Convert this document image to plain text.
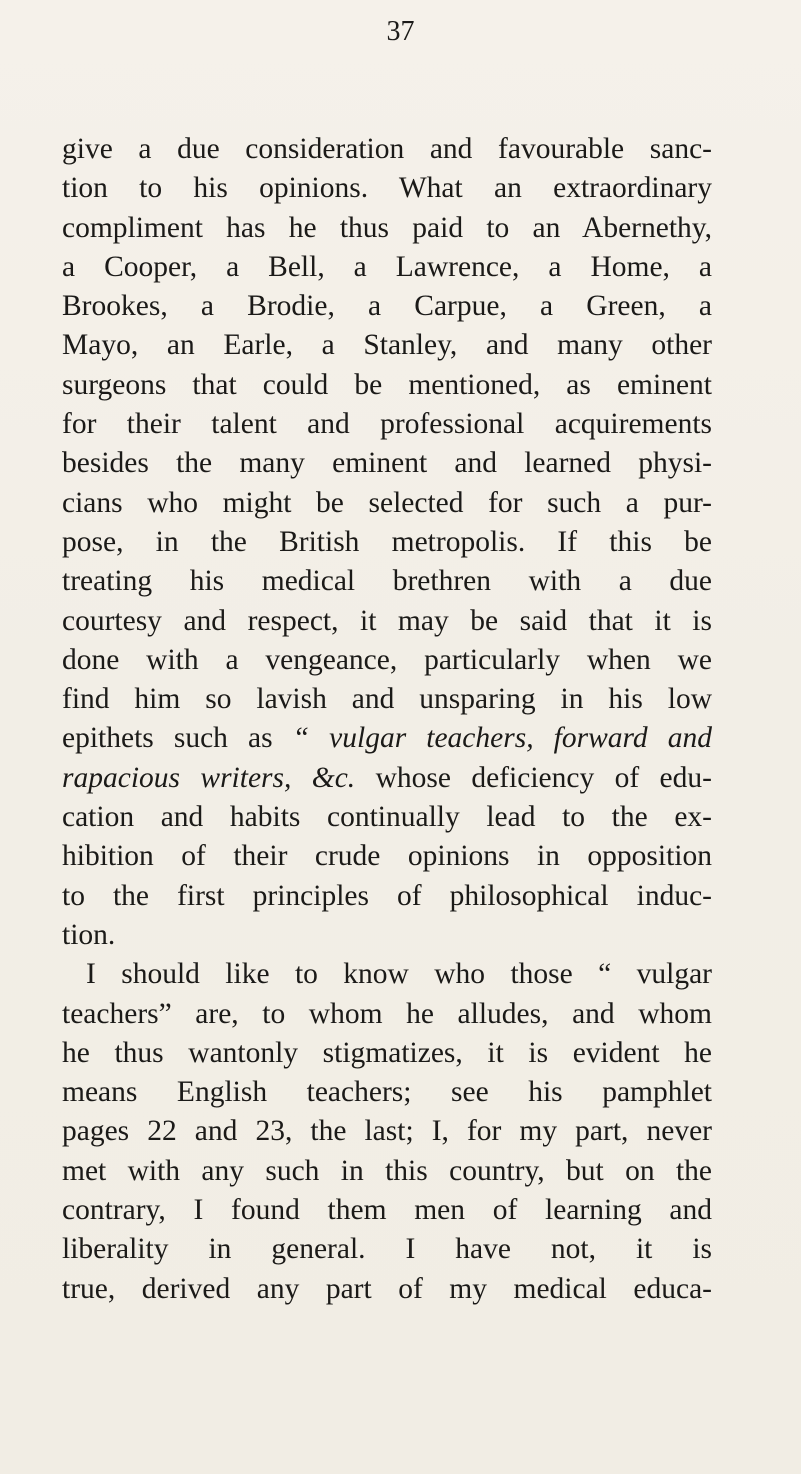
37
give a due consideration and favourable sanc-
tion to his opinions. What an extraordinary
compliment has he thus paid to an Abernethy,
a Cooper, a Bell, a Lawrence, a Home, a
Brookes, a Brodie, a Carpue, a Green, a
Mayo, an Earle, a Stanley, and many other
surgeons that could be mentioned, as eminent
for their talent and professional acquirements
besides the many eminent and learned physi-
cians who might be selected for such a pur-
pose, in the British metropolis. If this be
treating his medical brethren with a due
courtesy and respect, it may be said that it is
done with a vengeance, particularly when we
find him so lavish and unsparing in his low
epithets such as “ vulgar teachers, forward and
rapacious writers, &c. whose deficiency of edu-
cation and habits continually lead to the ex-
hibition of their crude opinions in opposition
to the first principles of philosophical induc-
tion.
I should like to know who those “ vulgar
teachers” are, to whom he alludes, and whom
he thus wantonly stigmatizes, it is evident he
means English teachers; see his pamphlet
pages 22 and 23, the last; I, for my part, never
met with any such in this country, but on the
contrary, I found them men of learning and
liberality in general. I have not, it is
true, derived any part of my medical educa-
